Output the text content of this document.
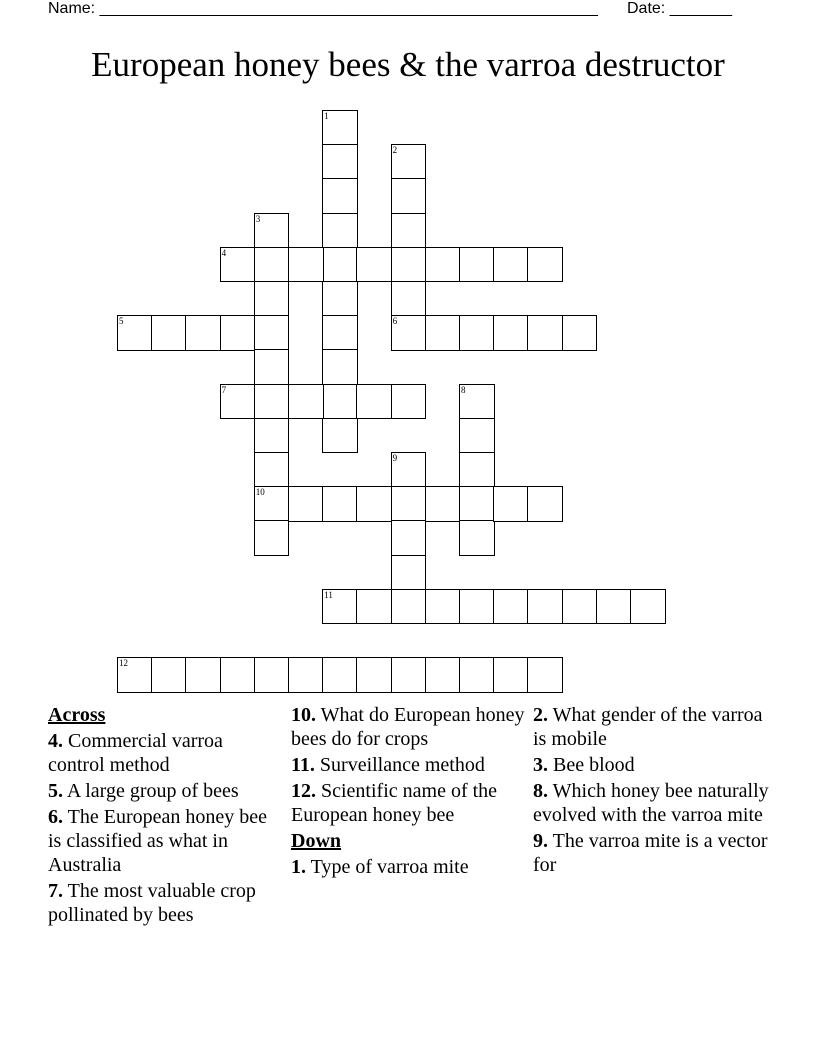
Name: ________________________________________________________ Date: _______
European honey bees & the varroa destructor
1
2
6
3
10
4
5
7	8
9
11
12
Across
4. Commercial varroa control method
5. A large group of bees
6. The European honey bee is classified as what in Australia
7. The most valuable crop pollinated by bees
10. What do European honey bees do for crops
11. Surveillance method
12. Scientific name of the European honey bee
Down
1. Type of varroa mite
2. What gender of the varroa is mobile
3. Bee blood
8. Which honey bee naturally evolved with the varroa mite
9. The varroa mite is a vector for
